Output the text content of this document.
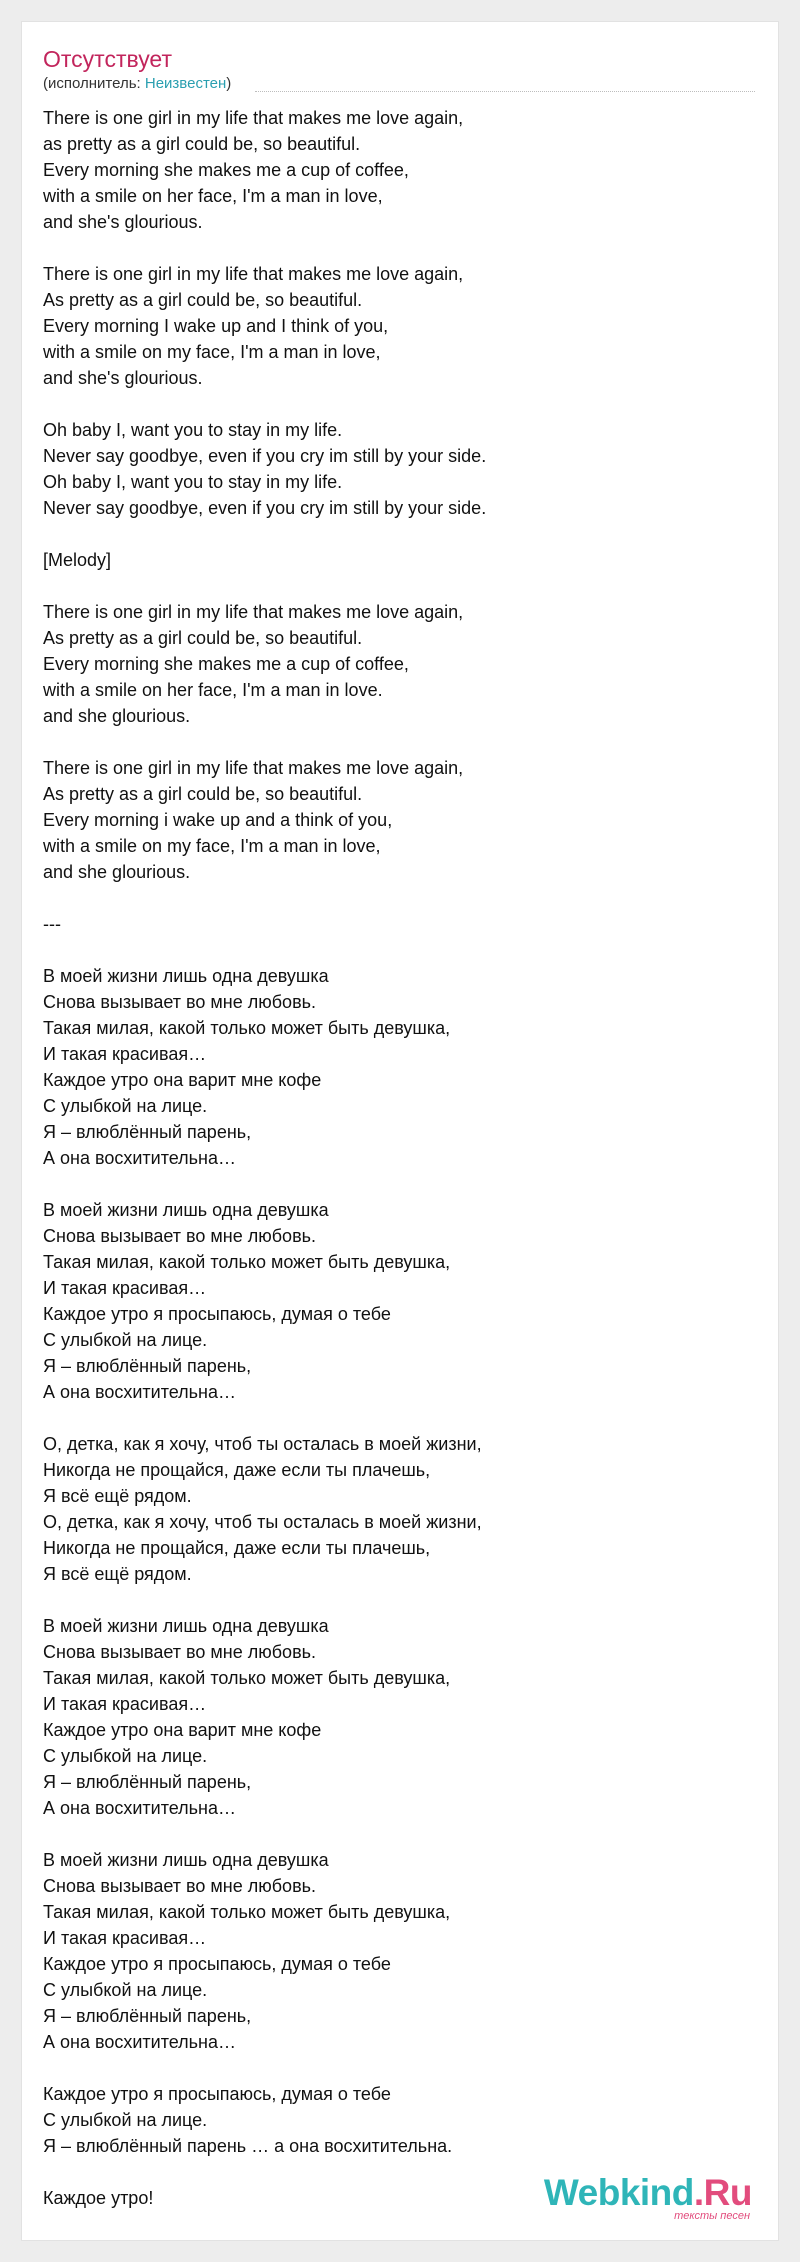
Отсутствует
(исполнитель: Неизвестен)
There is one girl in my life that makes me love again,
as pretty as a girl could be, so beautiful.
Every morning she makes me a cup of coffee,
with a smile on her face, I'm a man in love,
and she's glourious.
There is one girl in my life that makes me love again,
As pretty as a girl could be, so beautiful.
Every morning I wake up and I think of you,
with a smile on my face, I'm a man in love,
and she's glourious.
Oh baby I, want you to stay in my life.
Never say goodbye, even if you cry im still by your side.
Oh baby I, want you to stay in my life.
Never say goodbye, even if you cry im still by your side.
[Melody]
There is one girl in my life that makes me love again,
As pretty as a girl could be, so beautiful.
Every morning she makes me a cup of coffee,
with a smile on her face, I'm a man in love.
and she glourious.
There is one girl in my life that makes me love again,
As pretty as a girl could be, so beautiful.
Every morning i wake up and a think of you,
with a smile on my face, I'm a man in love,
and she glourious.
---
В моей жизни лишь одна девушка
Снова вызывает во мне любовь.
Такая милая, какой только может быть девушка,
И такая красивая…
Каждое утро она варит мне кофе
С улыбкой на лице.
Я – влюблённый парень,
А она восхитительна…
В моей жизни лишь одна девушка
Снова вызывает во мне любовь.
Такая милая, какой только может быть девушка,
И такая красивая…
Каждое утро я просыпаюсь, думая о тебе
С улыбкой на лице.
Я – влюблённый парень,
А она восхитительна…
О, детка, как я хочу, чтоб ты осталась в моей жизни,
Никогда не прощайся, даже если ты плачешь,
Я всё ещё рядом.
О, детка, как я хочу, чтоб ты осталась в моей жизни,
Никогда не прощайся, даже если ты плачешь,
Я всё ещё рядом.
В моей жизни лишь одна девушка
Снова вызывает во мне любовь.
Такая милая, какой только может быть девушка,
И такая красивая…
Каждое утро она варит мне кофе
С улыбкой на лице.
Я – влюблённый парень,
А она восхитительна…
В моей жизни лишь одна девушка
Снова вызывает во мне любовь.
Такая милая, какой только может быть девушка,
И такая красивая…
Каждое утро я просыпаюсь, думая о тебе
С улыбкой на лице.
Я – влюблённый парень,
А она восхитительна…
Каждое утро я просыпаюсь, думая о тебе
С улыбкой на лице.
Я – влюблённый парень … а она восхитительна.
Каждое утро!	Webkind.Ru
тексты песен
